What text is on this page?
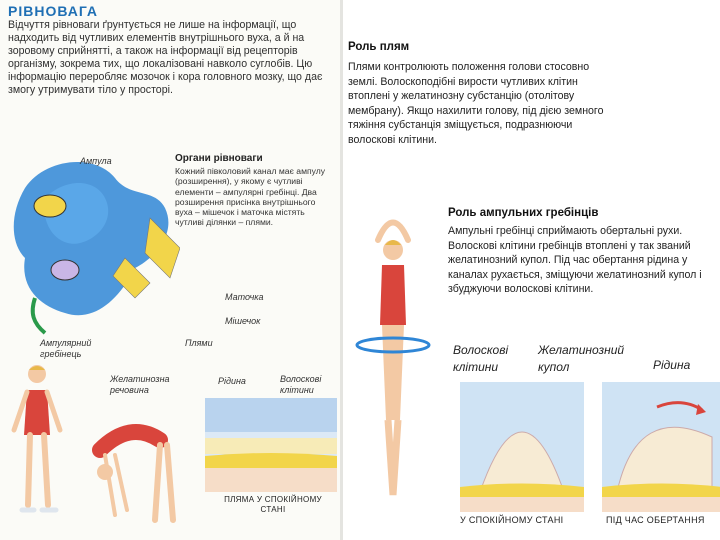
РІВНОВАГА
Відчуття рівноваги ґрунтується не лише на інформації, що надходить від чутливих елементів внутрішнього вуха, а й на зоровому сприйнятті, а також на інформації від рецепторів організму, зокрема тих, що локалізовані навколо суглобів. Цю інформацію переробляє мозочок і кора головного мозку, що дає змогу утримувати тіло у просторі.
Ампула	Органи рівноваги
Кожний півколовий канал має ампулу (розширення), у якому є чутливі елементи – ампулярні гребінці. Два розширення присінка внутрішнього вуха – мішечок і маточка містять чутливі ділянки – плями.
Маточка
Мішечок
Плями
Ампулярний гребінець
Желатинозна речовина
Рідина	Волоскові клітини
ПЛЯМА У СПОКІЙНОМУ СТАНІ
Роль плям
Плями контролюють положення голови стосовно землі. Волоскоподібні вирости чутливих клітин втоплені у желатинозну субстанцію (отолітову мембрану). Якщо нахилити голову, під дією земного тяжіння субстанція зміщується, подразнюючи волоскові клітини.
Роль ампульних гребінців
Ампульні гребінці сприймають обертальні рухи. Волоскові клітини гребінців втоплені у так званий желатинозний купол. Під час обертання рідина у каналах рухається, зміщуючи желатинозний купол і збуджуючи волоскові клітини.
Волоскові клітини
Желатинозний купол	Рідина
У СПОКІЙНОМУ СТАНІ	ПІД ЧАС ОБЕРТАННЯ
